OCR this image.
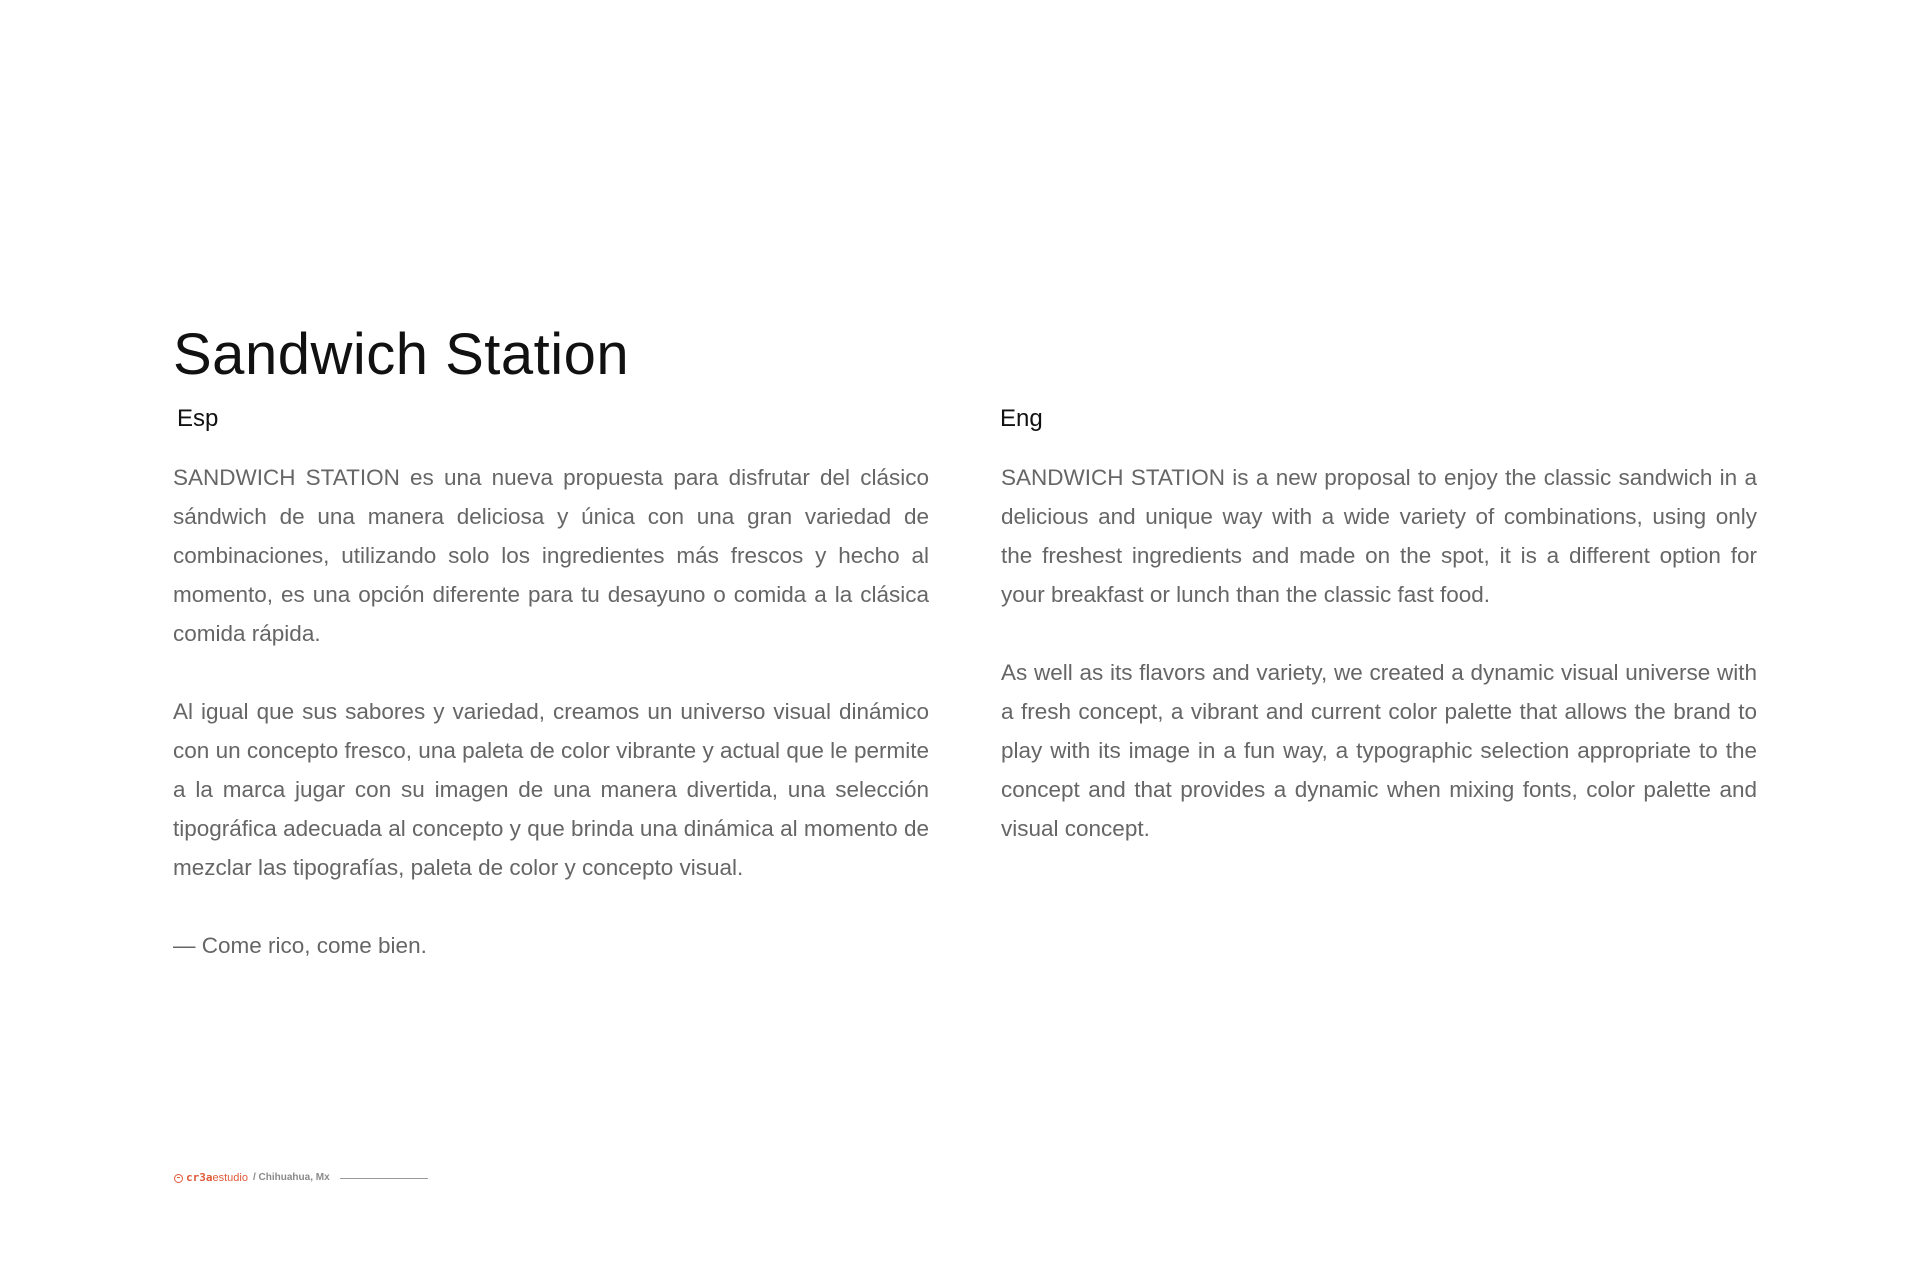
Sandwich Station
Esp

SANDWICH STATION es una nueva propuesta para disfrutar del clásico sándwich de una manera deliciosa y única con una gran variedad de combinaciones, utilizando solo los ingredientes más frescos y hecho al momento, es una opción diferente para tu desayuno o comida a la clásica comida rápida.

Al igual que sus sabores y variedad, creamos un universo visual dinámico con un concepto fresco, una paleta de color vibrante y actual que le permite a la marca jugar con su imagen de una manera divertida, una selección tipográfica adecuada al concepto y que brinda una dinámica al momento de mezclar las tipografías, paleta de color y concepto visual.

— Come rico, come bien.

Eng

SANDWICH STATION is a new proposal to enjoy the classic sandwich in a delicious and unique way with a wide variety of combinations, using only the freshest ingredients and made on the spot, it is a different option for your breakfast or lunch than the classic fast food.

As well as its flavors and variety, we created a dynamic visual universe with a fresh concept, a vibrant and current color palette that allows the brand to play with its image in a fun way, a typographic selection appropriate to the concept and that provides a dynamic when mixing fonts, color palette and visual concept.

cr3a estudio / Chihuahua, Mx
